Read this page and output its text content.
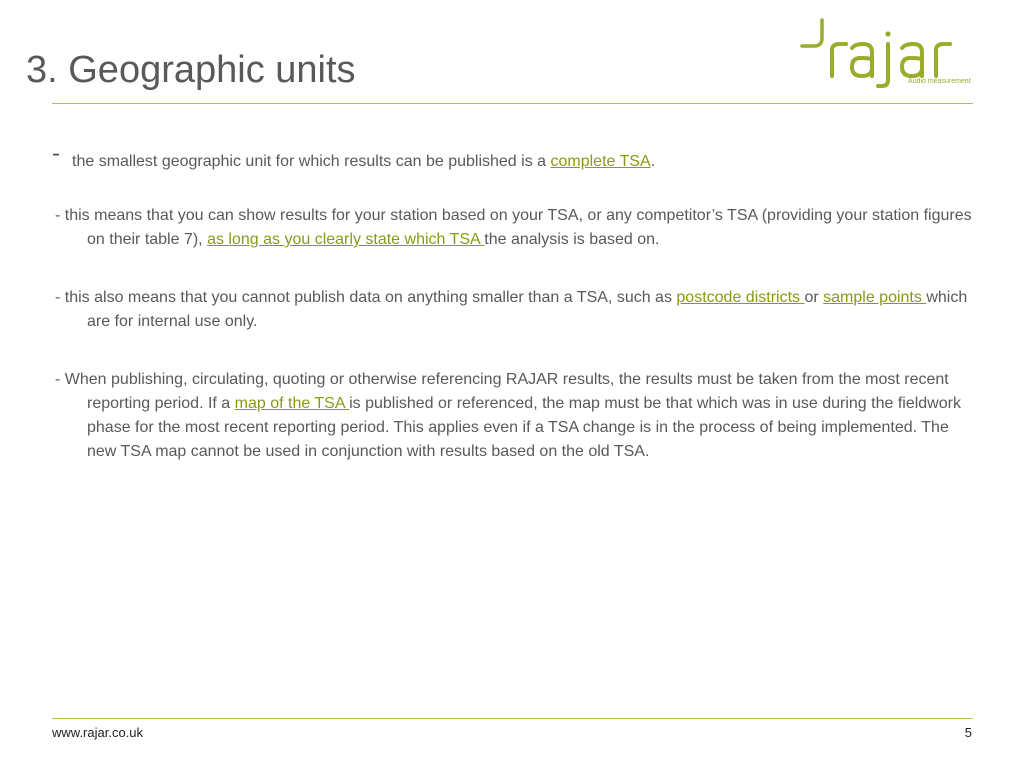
3. Geographic units	Audio measurement

- the smallest geographic unit for which results can be published is a complete TSA.

- this means that you can show results for your station based on your TSA, or any competitor’s TSA (providing your station figures on their table 7), as long as you clearly state which TSA the analysis is based on.

- this also means that you cannot publish data on anything smaller than a TSA, such as postcode districts or sample points which are for internal use only.

- When publishing, circulating, quoting or otherwise referencing RAJAR results, the results must be taken from the most recent reporting period. If a map of the TSA is published or referenced, the map must be that which was in use during the fieldwork phase for the most recent reporting period. This applies even if a TSA change is in the process of being implemented. The new TSA map cannot be used in conjunction with results based on the old TSA.

www.rajar.co.uk	5
